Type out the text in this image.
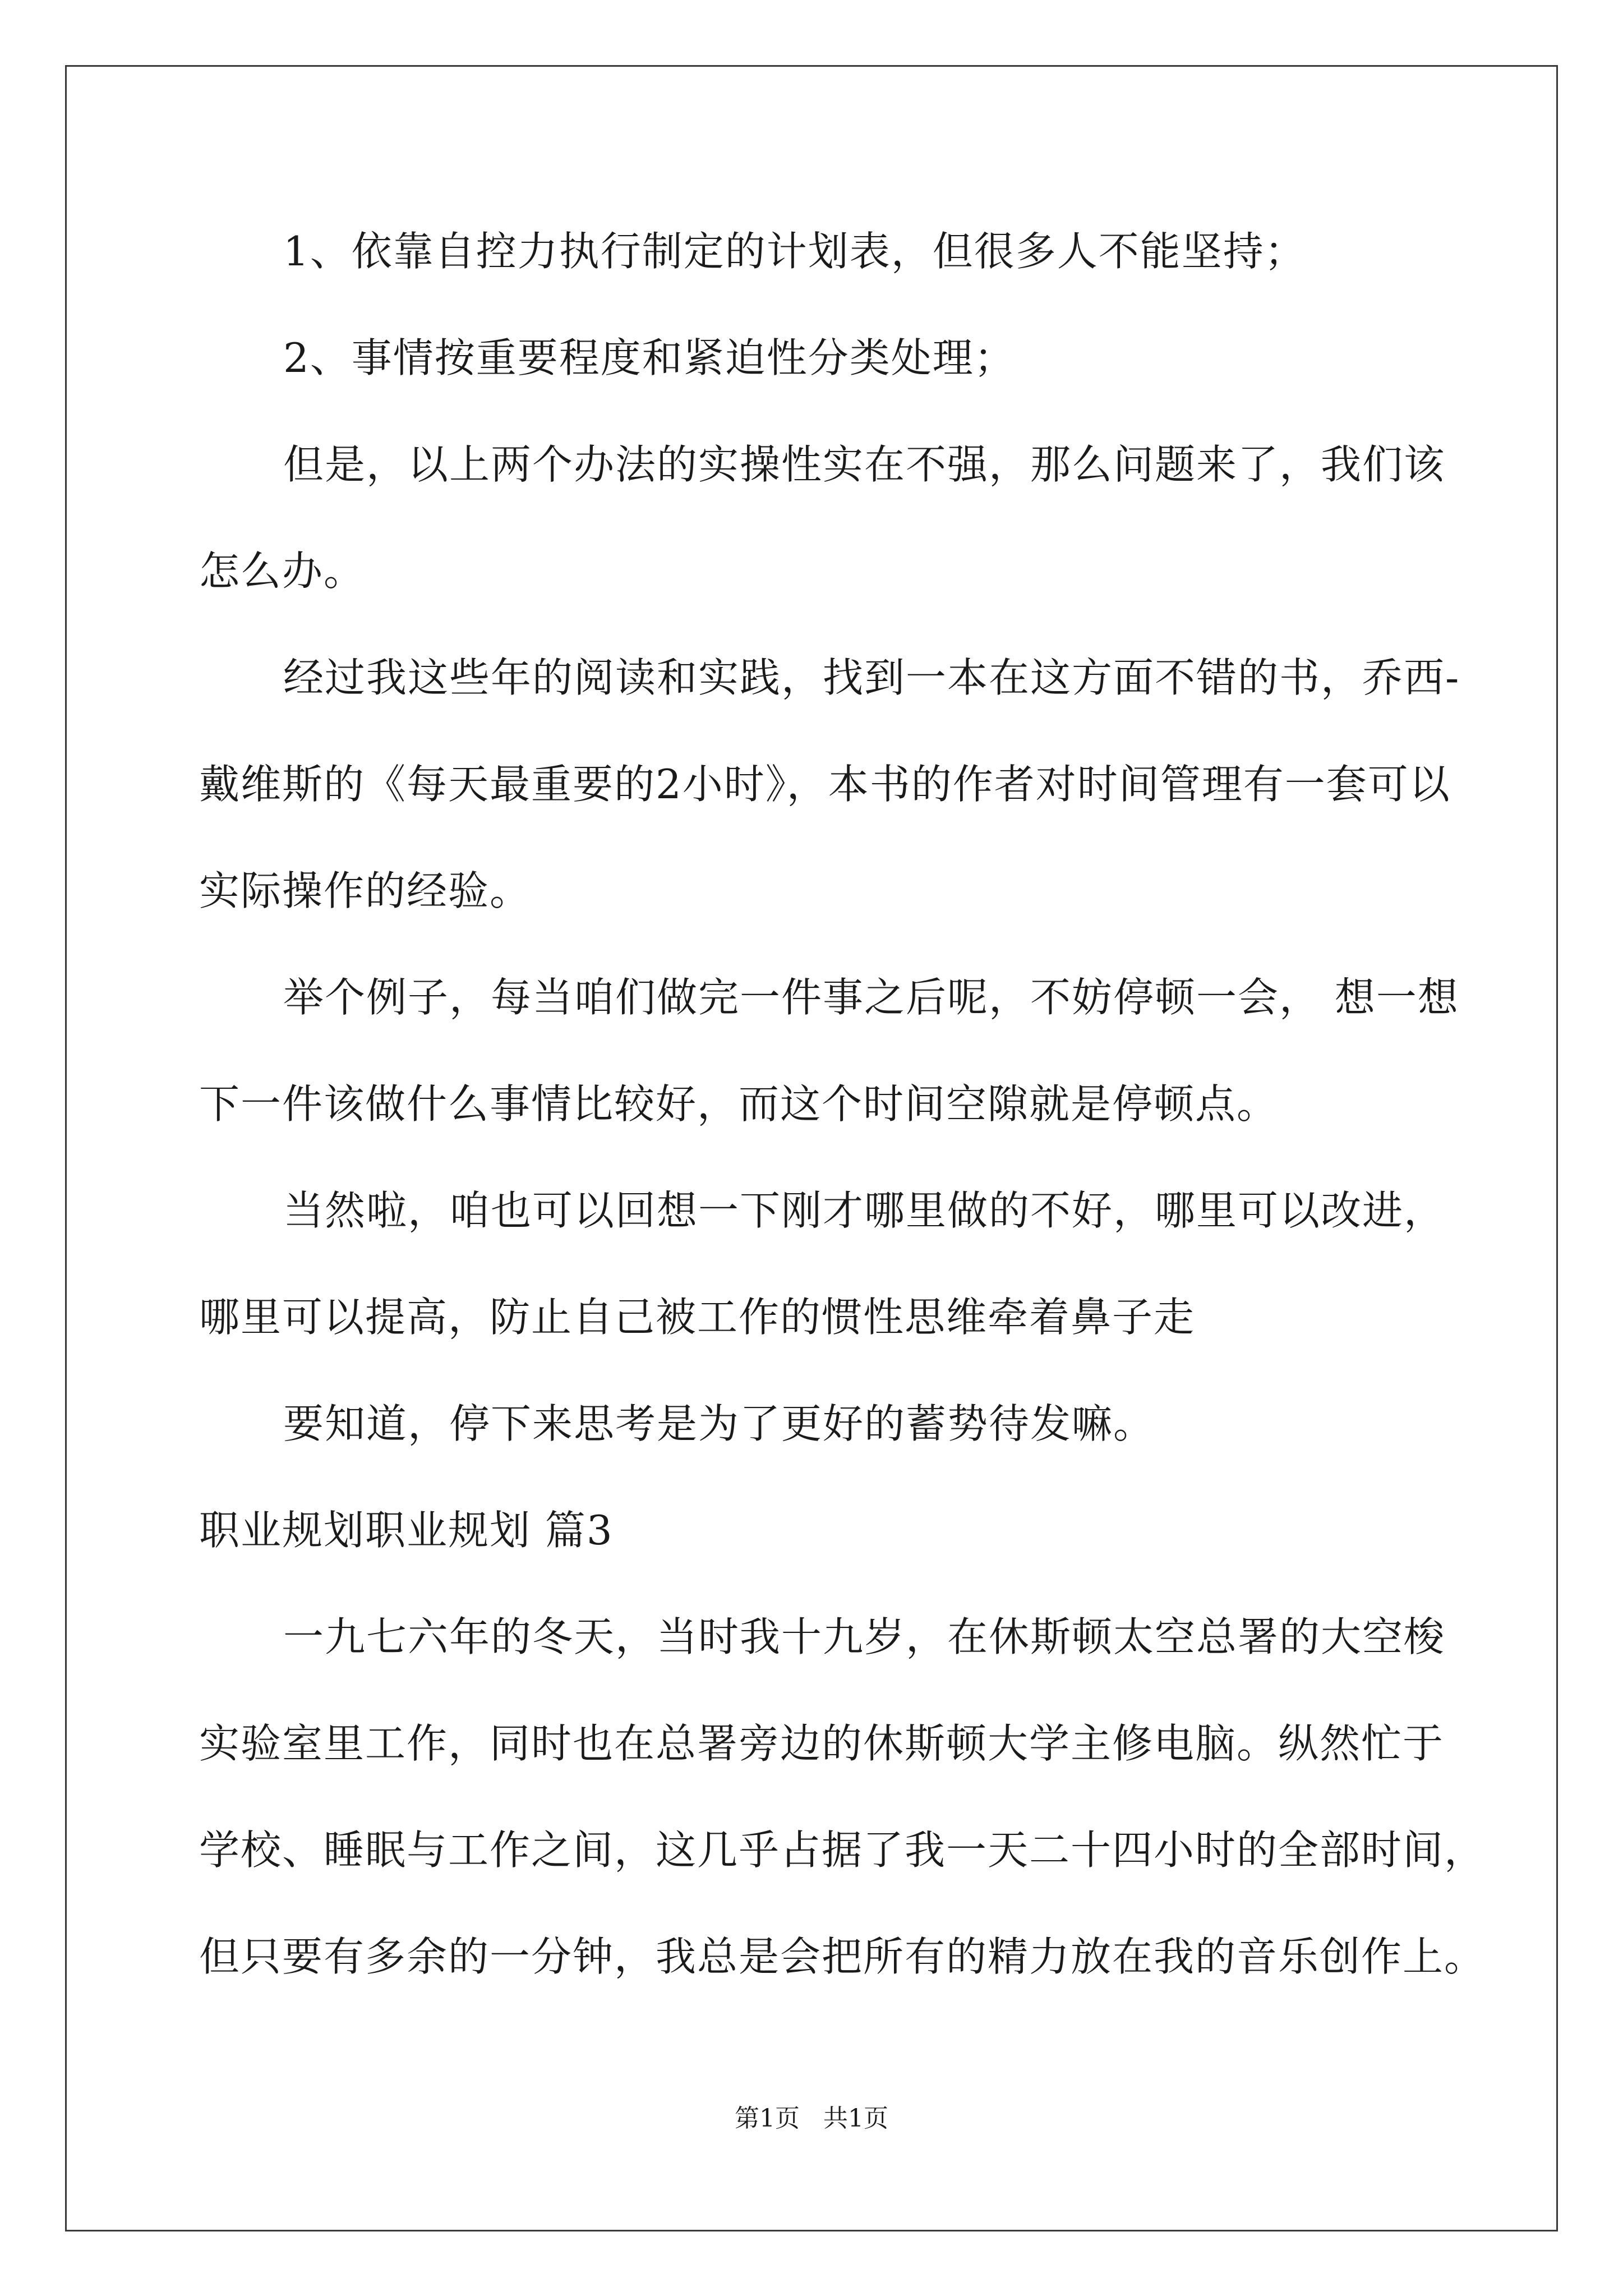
1、依靠自控力执行制定的计划表，但很多人不能坚持；
2、事情按重要程度和紧迫性分类处理；
但是，以上两个办法的实操性实在不强，那么问题来了，我们该
怎么办。
经过我这些年的阅读和实践，找到一本在这方面不错的书，乔西-
戴维斯的《每天最重要的2小时》，本书的作者对时间管理有一套可以
实际操作的经验。
举个例子，每当咱们做完一件事之后呢，不妨停顿一会， 想一想
下一件该做什么事情比较好，而这个时间空隙就是停顿点。
当然啦，咱也可以回想一下刚才哪里做的不好，哪里可以改进，
哪里可以提高，防止自己被工作的惯性思维牵着鼻子走
要知道，停下来思考是为了更好的蓄势待发嘛。
职业规划职业规划 篇3
一九七六年的冬天，当时我十九岁，在休斯顿太空总署的大空梭
实验室里工作，同时也在总署旁边的休斯顿大学主修电脑。纵然忙于
学校、睡眠与工作之间，这几乎占据了我一天二十四小时的全部时间，
但只要有多余的一分钟，我总是会把所有的精力放在我的音乐创作上。
第1页 共1页
